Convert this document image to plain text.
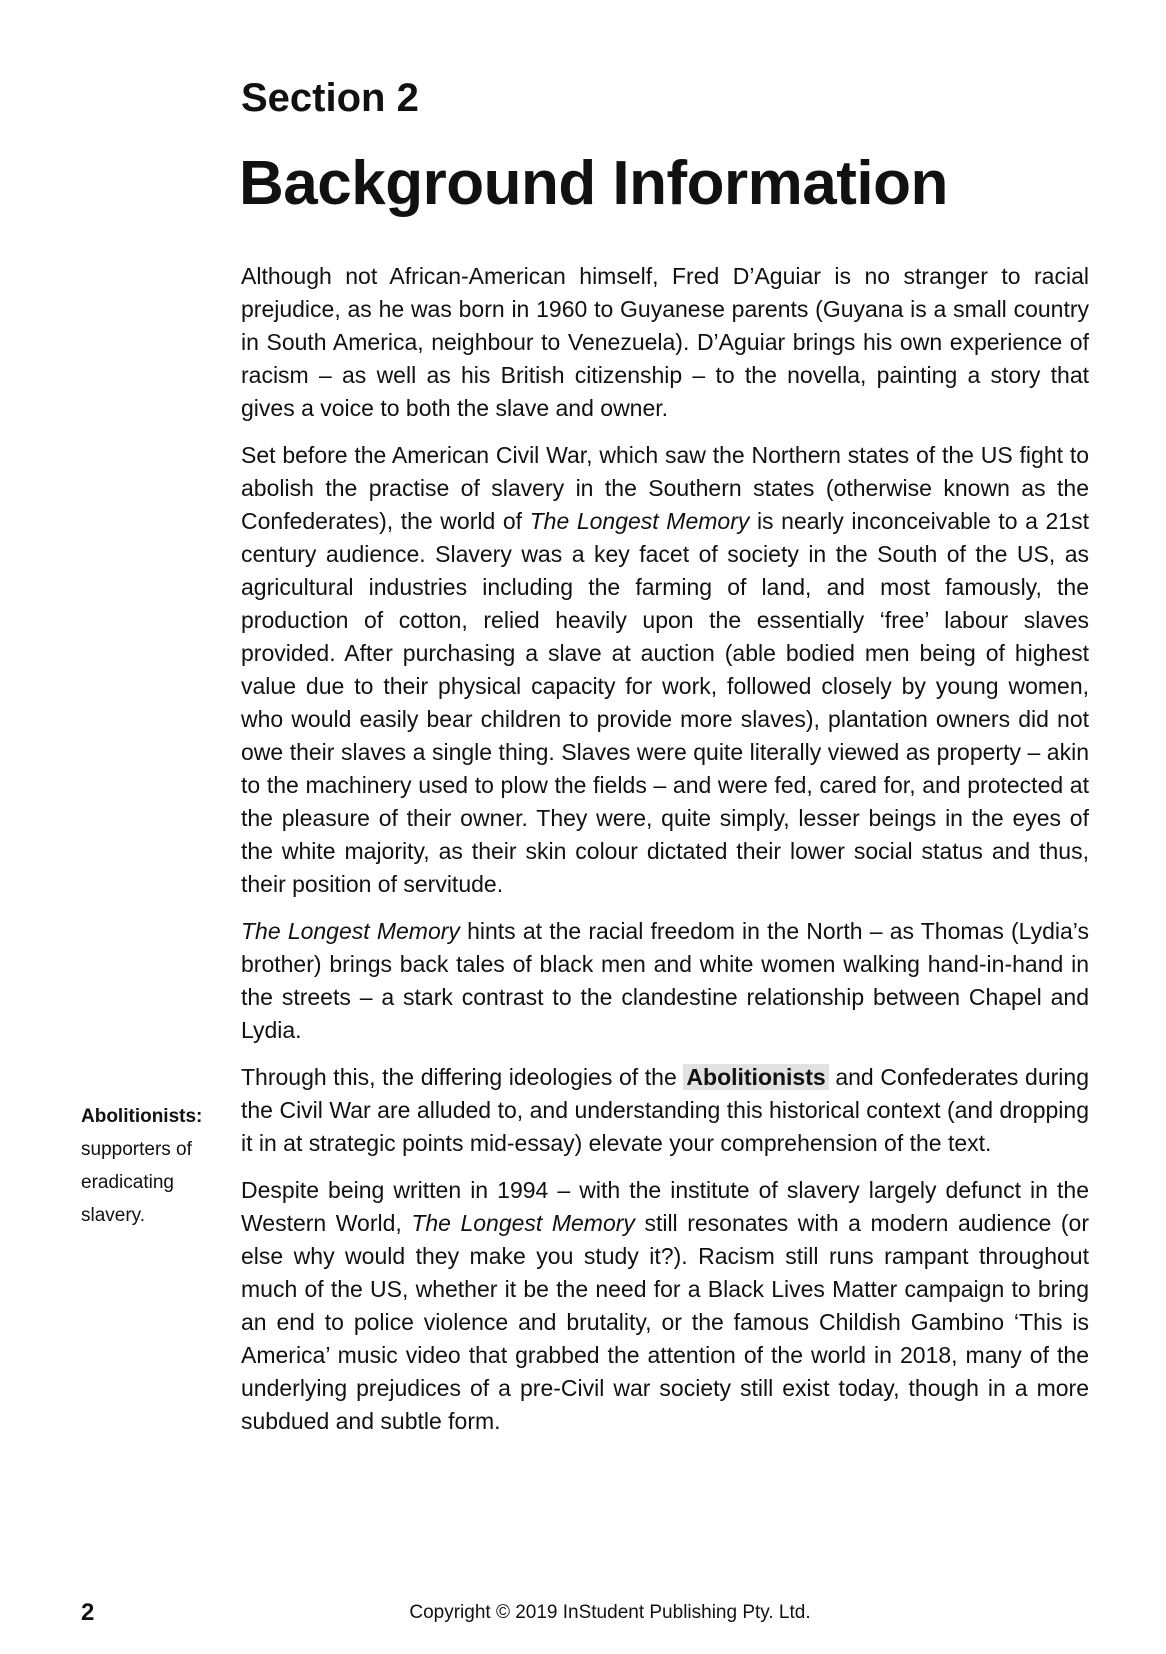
Section 2
Background Information

Although not African-American himself, Fred D’Aguiar is no stranger to racial prejudice, as he was born in 1960 to Guyanese parents (Guyana is a small country in South America, neighbour to Venezuela). D’Aguiar brings his own experience of racism – as well as his British citizenship – to the novella, painting a story that gives a voice to both the slave and owner.

Set before the American Civil War, which saw the Northern states of the US fight to abolish the practise of slavery in the Southern states (otherwise known as the Confederates), the world of The Longest Memory is nearly inconceivable to a 21st century audience. Slavery was a key facet of society in the South of the US, as agricultural industries including the farming of land, and most famously, the production of cotton, relied heavily upon the essentially ‘free’ labour slaves provided. After purchasing a slave at auction (able bodied men being of highest value due to their physical capacity for work, followed closely by young women, who would easily bear children to provide more slaves), plantation owners did not owe their slaves a single thing. Slaves were quite literally viewed as property – akin to the machinery used to plow the fields – and were fed, cared for, and protected at the pleasure of their owner. They were, quite simply, lesser beings in the eyes of the white majority, as their skin colour dictated their lower social status and thus, their position of servitude.

The Longest Memory hints at the racial freedom in the North – as Thomas (Lydia’s brother) brings back tales of black men and white women walking hand-in-hand in the streets – a stark contrast to the clandestine relationship between Chapel and Lydia.

Through this, the differing ideologies of the Abolitionists and Confederates during the Civil War are alluded to, and understanding this historical context (and dropping it in at strategic points mid-essay) elevate your comprehension of the text.

Despite being written in 1994 – with the institute of slavery largely defunct in the Western World, The Longest Memory still resonates with a modern audience (or else why would they make you study it?). Racism still runs rampant throughout much of the US, whether it be the need for a Black Lives Matter campaign to bring an end to police violence and brutality, or the famous Childish Gambino ‘This is America’ music video that grabbed the attention of the world in 2018, many of the underlying prejudices of a pre-Civil war society still exist today, though in a more subdued and subtle form.

Abolitionists:
supporters of eradicating slavery.
2	Copyright © 2019 InStudent Publishing Pty. Ltd.
